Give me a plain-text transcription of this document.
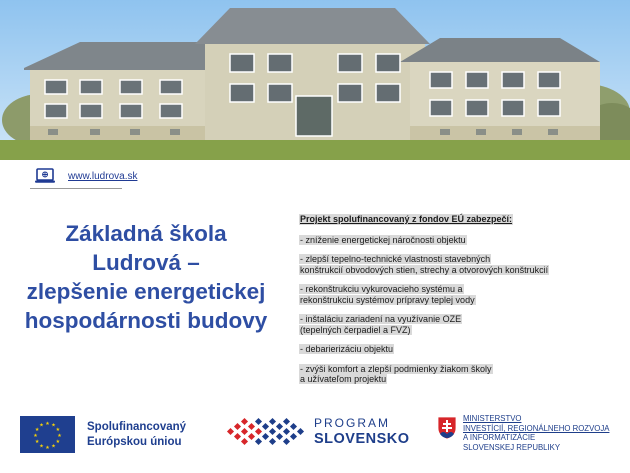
www.ludrova.sk
Základná škola
Ludrová –
zlepšenie energetickej
hospodárnosti budovy
Projekt spolufinancovaný z fondov EÚ zabezpečí:
- zníženie energetickej náročnosti objektu
- zlepší tepelno-technické vlastnosti stavebných
konštrukcií obvodových stien, strechy a otvorových konštrukcií
- rekonštrukciu vykurovacieho systému a
rekonštrukciu systémov prípravy teplej vody
- inštaláciu zariadení na využívanie OZE
(tepelných čerpadiel a FVZ)
- debarierizáciu objektu
- zvýši komfort a zlepší podmienky žiakom školy
a užívateľom projektu
★ ★
★
★
★
★
★
★
★
★
★
★	Spolufinancovaný
Európskou úniou
PROGRAM
SLOVENSKO
MINISTERSTVO
INVESTÍCIÍ, REGIONÁLNEHO ROZVOJA
A INFORMATIZÁCIE
SLOVENSKEJ REPUBLIKY
